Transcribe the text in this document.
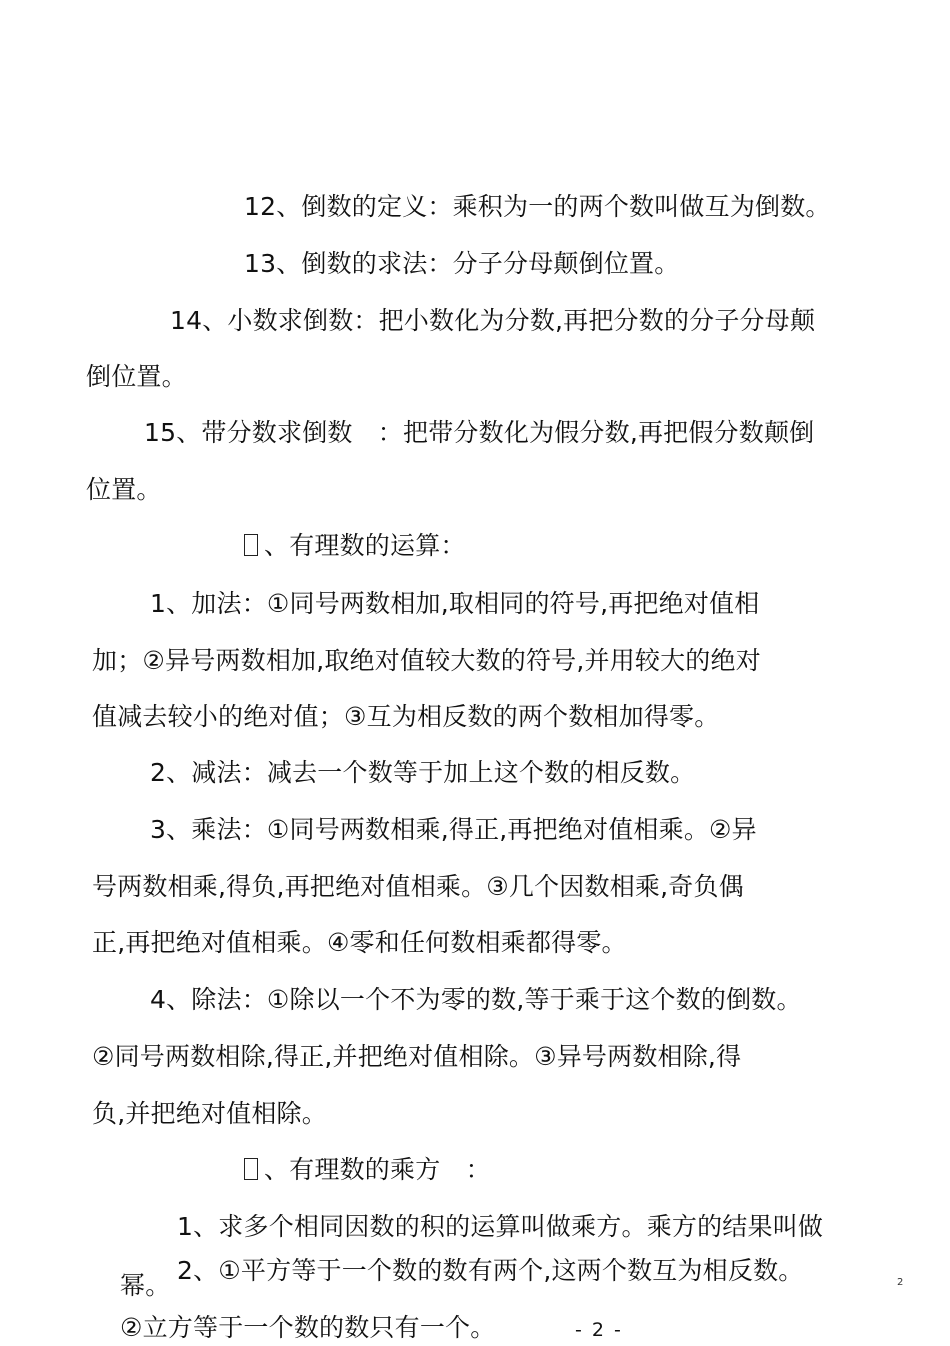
12、倒数的定义：乘积为一的两个数叫做互为倒数。
13、倒数的求法：分子分母颠倒位置。
14、小数求倒数：把小数化为分数,再把分数的分子分母颠
倒位置。
15、带分数求倒数　：把带分数化为假分数,再把假分数颠倒
位置。
、有理数的运算：
1、加法：①同号两数相加,取相同的符号,再把绝对值相
加；②异号两数相加,取绝对值较大数的符号,并用较大的绝对
值减去较小的绝对值；③互为相反数的两个数相加得零。
2、减法：减去一个数等于加上这个数的相反数。
3、乘法：①同号两数相乘,得正,再把绝对值相乘。②异
号两数相乘,得负,再把绝对值相乘。③几个因数相乘,奇负偶
正,再把绝对值相乘。④零和任何数相乘都得零。
4、除法：①除以一个不为零的数,等于乘于这个数的倒数。
②同号两数相除,得正,并把绝对值相除。③异号两数相除,得
负,并把绝对值相除。
、有理数的乘方　：
1、求多个相同因数的积的运算叫做乘方。乘方的结果叫做
幂。
2、①平方等于一个数的数有两个,这两个数互为相反数。
②立方等于一个数的数只有一个。
2
- 2 -
